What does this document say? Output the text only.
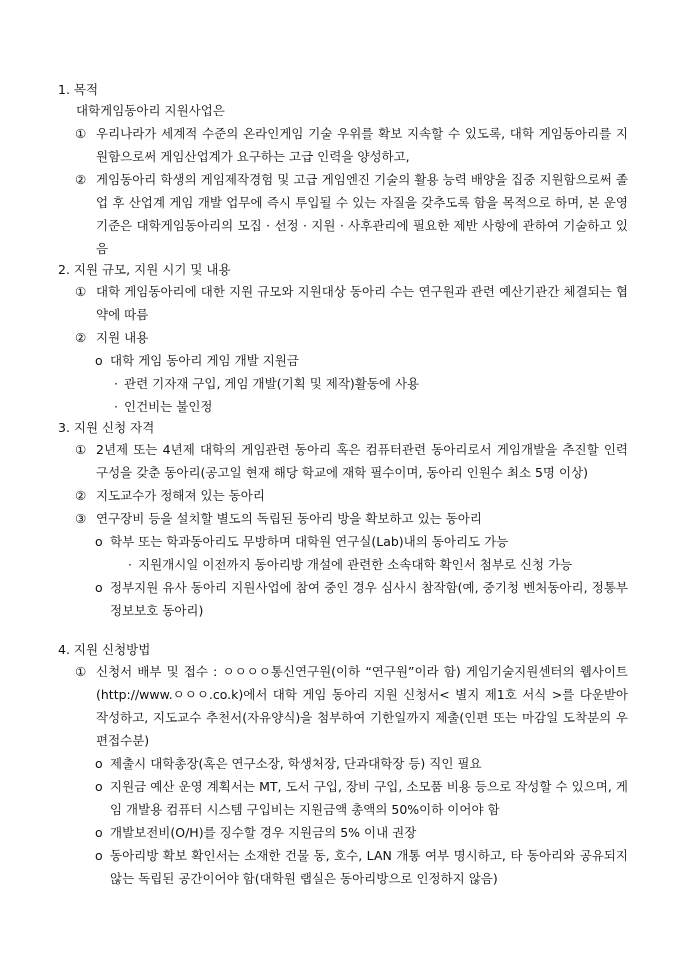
1. 목적
대학게임동아리 지원사업은
① 우리나라가 세계적 수준의 온라인게임 기술 우위를 확보 지속할 수 있도록, 대학 게임동아리를 지원함으로써 게임산업계가 요구하는 고급 인력을 양성하고,
② 게임동아리 학생의 게임제작경험 및 고급 게임엔진 기술의 활용 능력 배양을 집중 지원함으로써 졸업 후 산업계 게임 개발 업무에 즉시 투입될 수 있는 자질을 갖추도록 함을 목적으로 하며, 본 운영기준은 대학게임동아리의 모집 · 선정 · 지원 · 사후관리에 필요한 제반 사항에 관하여 기술하고 있음
2. 지원 규모, 지원 시기 및 내용
① 대학 게임동아리에 대한 지원 규모와 지원대상 동아리 수는 연구원과 관련 예산기관간 체결되는 협약에 따름
② 지원 내용
o 대학 게임 동아리 게임 개발 지원금
· 관련 기자재 구입, 게임 개발(기획 및 제작)활동에 사용
· 인건비는 불인정
3. 지원 신청 자격
① 2년제 또는 4년제 대학의 게임관련 동아리 혹은 컴퓨터관련 동아리로서 게임개발을 추진할 인력 구성을 갖춘 동아리(공고일 현재 해당 학교에 재학 필수이며, 동아리 인원수 최소 5명 이상)
② 지도교수가 정해져 있는 동아리
③ 연구장비 등을 설치할 별도의 독립된 동아리 방을 확보하고 있는 동아리
o 학부 또는 학과동아리도 무방하며 대학원 연구실(Lab)내의 동아리도 가능
· 지원개시일 이전까지 동아리방 개설에 관련한 소속대학 확인서 첨부로 신청 가능
o 정부지원 유사 동아리 지원사업에 참여 중인 경우 심사시 참작함(예, 중기청 벤처동아리, 정통부 정보보호 동아리)
4. 지원 신청방법
① 신청서 배부 및 접수 : ㅇㅇㅇㅇ통신연구원(이하 “연구원”이라 함) 게임기술지원센터의 웹사이트(http://www.ㅇㅇㅇ.co.k)에서 대학 게임 동아리 지원 신청서< 별지 제1호 서식 >를 다운받아 작성하고, 지도교수 추천서(자유양식)을 첨부하여 기한일까지 제출(인편 또는 마감일 도착분의 우편접수분)
o 제출시 대학총장(혹은 연구소장, 학생처장, 단과대학장 등) 직인 필요
o 지원금 예산 운영 계획서는 MT, 도서 구입, 장비 구입, 소모품 비용 등으로 작성할 수 있으며, 게임 개발용 컴퓨터 시스템 구입비는 지원금액 총액의 50%이하 이어야 함
o 개발보전비(O/H)를 징수할 경우 지원금의 5% 이내 권장
o 동아리방 확보 확인서는 소재한 건물 동, 호수, LAN 개통 여부 명시하고, 타 동아리와 공유되지 않는 독립된 공간이어야 함(대학원 랩실은 동아리방으로 인정하지 않음)
